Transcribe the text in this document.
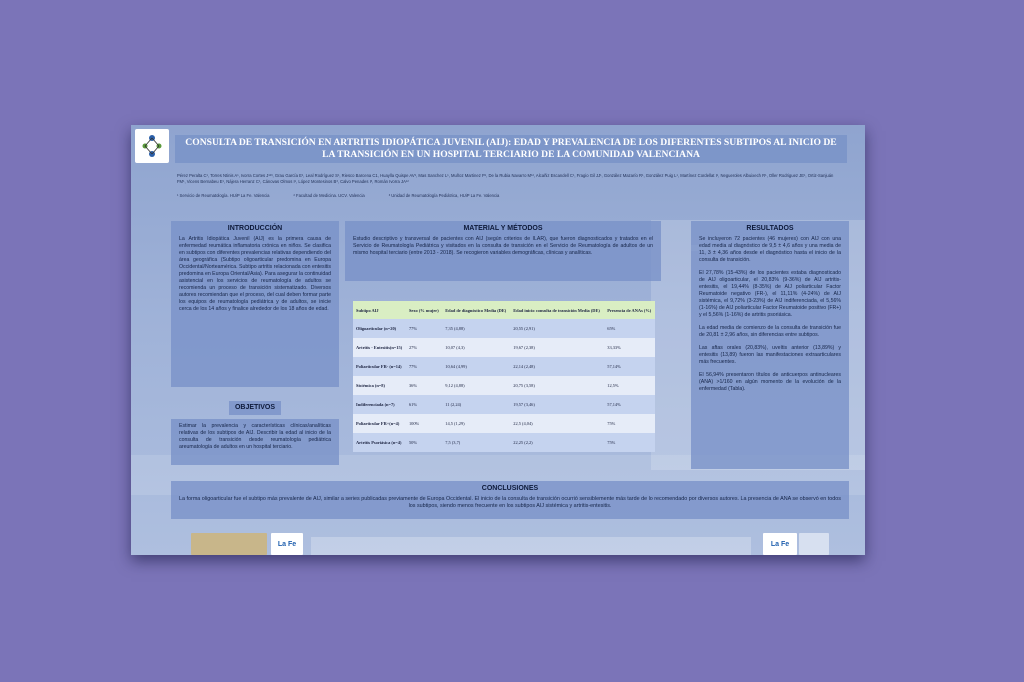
CONSULTA DE TRANSICIÓN EN ARTRITIS IDIOPÁTICA JUVENIL (AIJ): EDAD Y PREVALENCIA DE LOS DIFERENTES SUBTIPOS AL INICIO DE LA TRANSICIÓN EN UN HOSPITAL TERCIARIO DE LA COMUNIDAD VALENCIANA
Pérez Peralta C¹, Torres Ntinis A¹, Ivorra Cortes J¹²³, Grau García E¹, Leal Rodríguez S¹, Riesco Barcena C1, Huaylla Quispe AV¹, Mas Sanchez L¹, Muñoz Martinez P¹, De la Rubia Navarro M¹², Alcañiz Escandell C¹, Fragio Gil JJ¹, González Mazarío R¹, González Puig L¹, Martínez Cordellat I¹, Negueroles Albuixech R¹, Oller Rodriguez JE¹, Ortiz-Sanjuán FM¹, Vicens Bernabeu E¹, Nájera Herranz C¹, Cánovas Olmos I¹, López Montesinos B³, Calvo Penades I³, Román Ivorra JA¹²
¹ Servicio de Reumatología. HUiP La Fe. Valencia	² Facultad de Medicina. UCV. Valencia	³ Unidad de Reumatología Pediátrica, HUiP La Fe. Valencia
INTRODUCCIÓN
La Artritis Idiopática Juvenil (AIJ) es la primera causa de enfermedad reumática inflamatoria crónica en niños. Se clasifica en subtipos con diferentes prevalencias relativas dependiendo del área geográfica (Subtipo oligoarticular predomina en Europa Occidental/Norteamérica. Subtipo artritis relacionada con entesitis predomina en Europa Oriental/Asia). Para asegurar la continuidad asistencial en los servicios de reumatología de adultos se recomienda un proceso de transición sistematizado. Diversos autores recomiendan que el proceso, del cual deben formar parte los equipos de reumatología pediátrica y de adultos, se inicie cerca de los 14 años y finalice alrededor de los 18 años de edad.
OBJETIVOS
Estimar la prevalencia y características clínicas/analíticas relativas de los subtipos de AIJ. Describir la edad al inicio de la consulta de transición desde reumatología pediátrica areumatología de adultos en un hospital terciario.
MATERIAL Y MÉTODOS
Estudio descriptivo y transversal de pacientes con AIJ (según criterios de ILAR), que fueron diagnosticados y tratados en el Servicio de Reumatología Pediátrica y visitados en la consulta de transición en el Servicio de Reumatología de adultos de un mismo hospital terciario (entre 2013 - 2018). Se recogieron variables demográficas, clínicas y analíticas.
Subtipo AIJ	Sexo (% mujer)	Edad de diagnóstico Media (DE)	Edad inicio consulta de transición Media (DE)	Presencia de ANAs (%)
Oligoarticular (n=20)	77%	7,35 (4,88)	20,55 (2,91)	65%
Artritis - Entesitis(n=15)	27%	10,07 (4,3)	19,67 (2,38)	33,33%
Poliarticular FR- (n=14)	77%	10,64 (4,99)	22,14 (2,48)	57,14%
Sistémica (n=8)	36%	9,12 (4,88)	20,75 (3,58)	12,5%
Indiferenciada (n=7)	61%	11 (2,24)	19,57 (3,46)	57,14%
Poliarticular FR+(n=4)	100%	14,5 (1,29)	22,5 (4,04)	75%
Artritis Psoriásica (n=4)	50%	7,5 (3,7)	22,25 (2,2)	75%
RESULTADOS

Se incluyeron 72 pacientes (46 mujeres) con AIJ con una edad media al diagnóstico de 9,5 ± 4,6 años y una media de 11, 3 ± 4,36 años desde el diagnóstico hasta el inicio de la consulta de transición.

El 27,78% (15-43%) de los pacientes estaba diagnosticado de AIJ oligoarticular, el 20,83% (9-36%) de AIJ artritis-entesitis, el 19,44% (8-35%) de AIJ poliarticular Factor Reumatoide negativo (FR-), el 11,11% (4-24%) de AIJ sistémica, el 9,72% (3-23%) de AIJ indiferenciada, el 5,56% (1-16%) de AIJ poliarticular Factor Reumatoide positivo (FR+) y el 5,56% (1-16%) de artritis psoriásica.

La edad media de comienzo de la consulta de transición fue de 20,81 ± 2,96 años, sin diferencias entre subtipos.

Las aftas orales (20,83%), uveítis anterior (13,89%) y entesitis (13,89) fueron las manifestaciones extraarticulares más frecuentes.

El 56,94% presentaron títulos de anticuerpos antinucleares (ANA) >1/160 en algún momento de la evolución de la enfermedad (Tabla).

CONCLUSIONES
La forma oligoarticular fue el subtipo más prevalente de AIJ, similar a series publicadas previamente de Europa Occidental. El inicio de la consulta de transición ocurrió sensiblemente más tarde de lo recomendado por diversos autores. La presencia de ANA se observó en todos los subtipos, siendo menos frecuente en los subtipos AIJ sistémica y artritis-entesitis.
La Fe	La Fe
